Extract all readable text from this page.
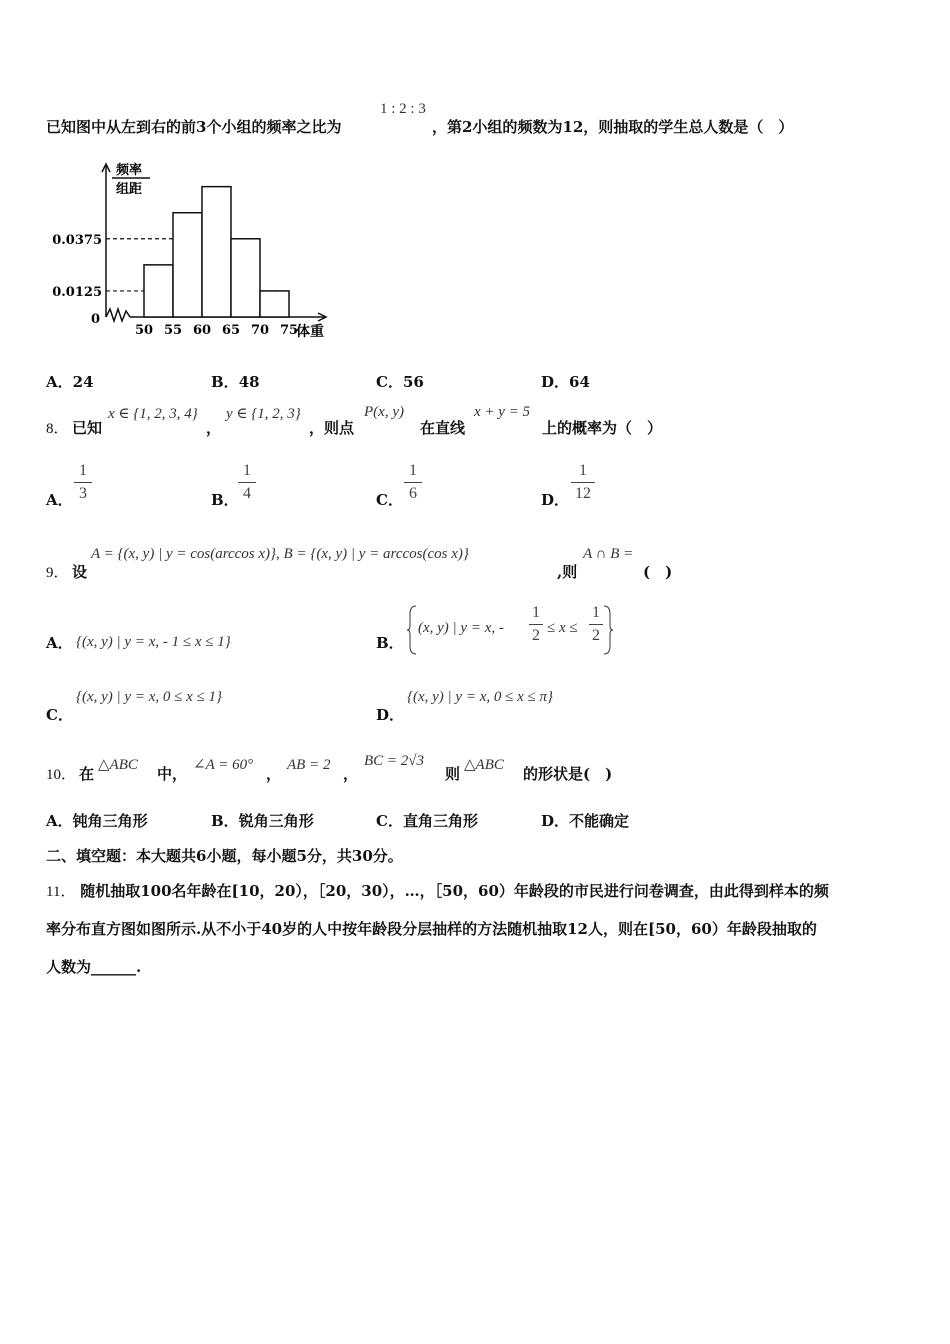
已知图中从左到右的前3个小组的频率之比为
1 : 2 : 3
，第2小组的频数为12，则抽取的学生总人数是（　）
频率
组距
0.0375
0.0125
0
50 55 60 65 70 75
体重
A．24	B．48	C．56	D．64
8． 已知
x ∈ {1, 2, 3, 4}
，
y ∈ {1, 2, 3}
，则点
P(x, y)
在直线
x + y = 5
上的概率为（　）
A．
1
3	B．
1
4	C．
1
6	D．
1
12
9． 设
A = {(x, y) | y = cos(arccos x)}, B = {(x, y) | y = arccos(cos x)}
,则
A ∩ B =
(　)
A． {(x, y) | y = x, - 1 ≤ x ≤ 1}	B．
(x, y) | y = x, -
1
2 ≤ x ≤
1
2
C．
{(x, y) | y = x, 0 ≤ x ≤ 1}
D．
{(x, y) | y = x, 0 ≤ x ≤ π}
10． 在 △ABC 中， ∠A = 60° ， AB = 2 ，
BC = 2√3
则 △ABC 的形状是(　)
A．钝角三角形	B．锐角三角形	C．直角三角形	D．不能确定
二、填空题：本大题共6小题，每小题5分，共30分。
11． 随机抽取100名年龄在[10，20），［20，30），…，［50，60）年龄段的市民进行问卷调查，由此得到样本的频
率分布直方图如图所示.从不小于40岁的人中按年龄段分层抽样的方法随机抽取12人，则在[50，60）年龄段抽取的
人数为______.
